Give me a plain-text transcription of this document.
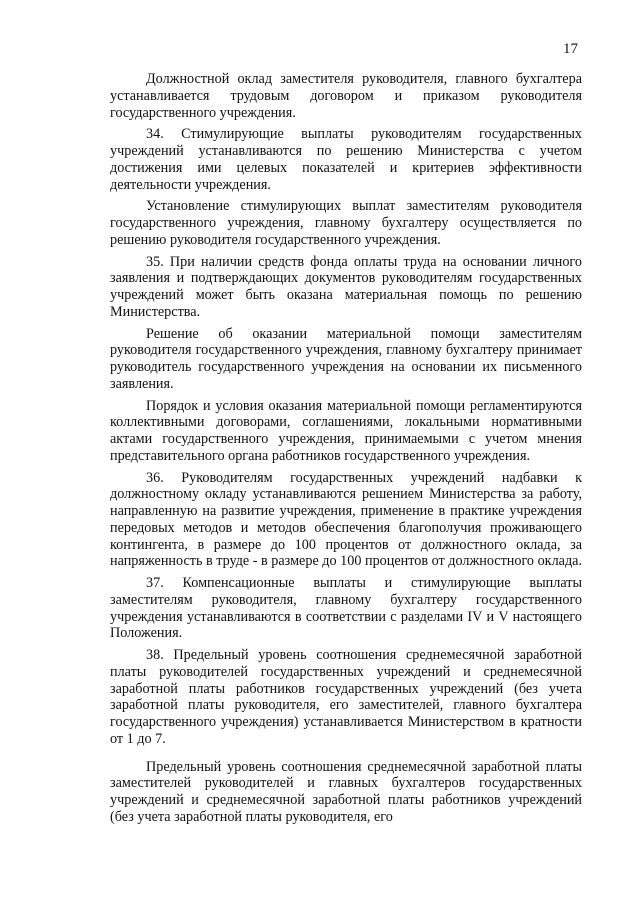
17

Должностной оклад заместителя руководителя, главного бухгалтера устанавливается трудовым договором и приказом руководителя государственного учреждения.

34. Стимулирующие выплаты руководителям государственных учреждений устанавливаются по решению Министерства с учетом достижения ими целевых показателей и критериев эффективности деятельности учреждения.

Установление стимулирующих выплат заместителям руководителя государственного учреждения, главному бухгалтеру осуществляется по решению руководителя государственного учреждения.

35. При наличии средств фонда оплаты труда на основании личного заявления и подтверждающих документов руководителям государственных учреждений может быть оказана материальная помощь по решению Министерства.

Решение об оказании материальной помощи заместителям руководителя государственного учреждения, главному бухгалтеру принимает руководитель государственного учреждения на основании их письменного заявления.

Порядок и условия оказания материальной помощи регламентируются коллективными договорами, соглашениями, локальными нормативными актами государственного учреждения, принимаемыми с учетом мнения представительного органа работников государственного учреждения.

36. Руководителям государственных учреждений надбавки к должностному окладу устанавливаются решением Министерства за работу, направленную на развитие учреждения, применение в практике учреждения передовых методов и методов обеспечения благополучия проживающего контингента, в размере до 100 процентов от должностного оклада, за напряженность в труде - в размере до 100 процентов от должностного оклада.

37. Компенсационные выплаты и стимулирующие выплаты заместителям руководителя, главному бухгалтеру государственного учреждения устанавливаются в соответствии с разделами IV и V настоящего Положения.

38. Предельный уровень соотношения среднемесячной заработной платы руководителей государственных учреждений и среднемесячной заработной платы работников государственных учреждений (без учета заработной платы руководителя, его заместителей, главного бухгалтера государственного учреждения) устанавливается Министерством в кратности от 1 до 7.

Предельный уровень соотношения среднемесячной заработной платы заместителей руководителей и главных бухгалтеров государственных учреждений и среднемесячной заработной платы работников учреждений (без учета заработной платы руководителя, его
